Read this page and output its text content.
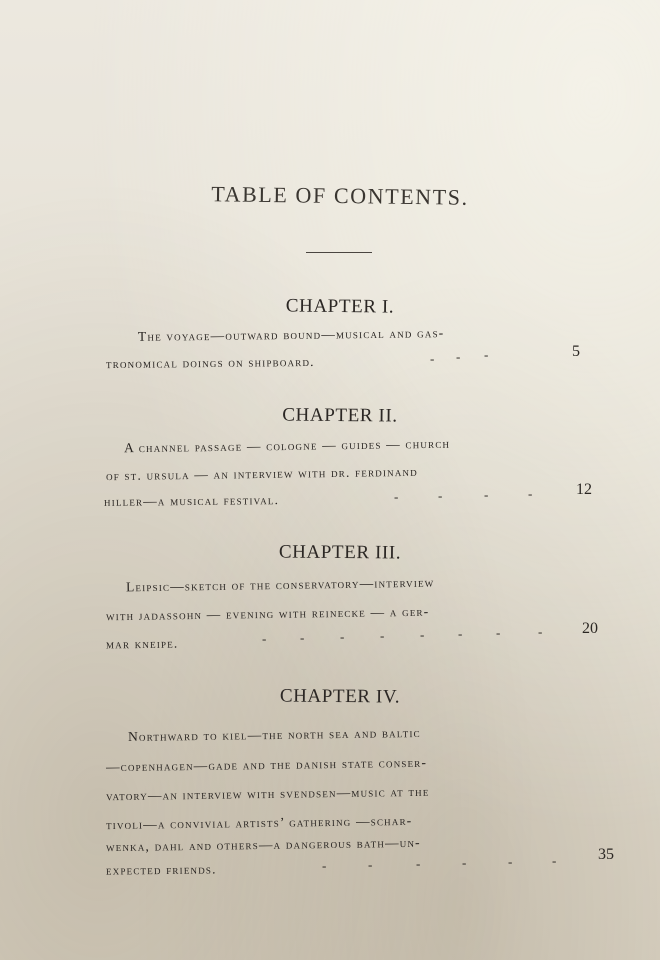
TABLE OF CONTENTS.
CHAPTER I.
The voyage—outward bound—musical and gas-
tronomical doings on shipboard.	- - -	5
CHAPTER II.
A channel passage — cologne — guides — church
of st. ursula — an interview with dr. ferdinand
hiller—a musical festival.	-	-	-	-	12
CHAPTER III.
Leipsic—sketch of the conservatory—interview
with jadassohn — evening with reinecke — a ger-
mar kneipe.	-	-	-	-	-	-	-	- 20
CHAPTER IV.
Northward to kiel—the north sea and baltic
—copenhagen—gade and the danish state conser-
vatory—an interview with svendsen—music at the
tivoli—a convivial artists’ gathering —schar-
wenka, dahl and others—a dangerous bath—un-
expected friends.	-	-	-	-	-	-	35
